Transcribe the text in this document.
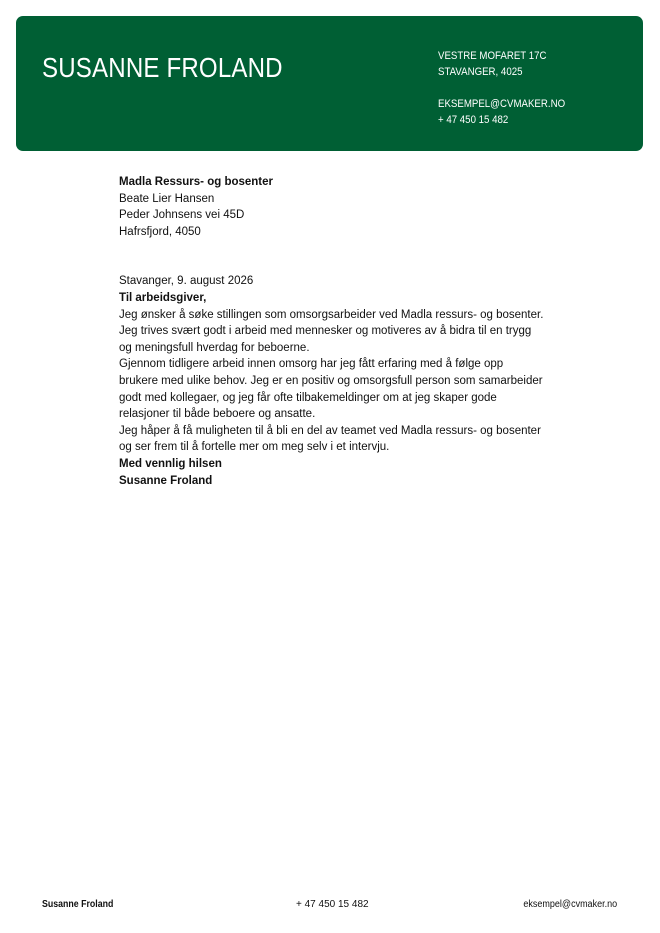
SUSANNE FROLAND	VESTRE MOFARET 17C
STAVANGER, 4025
EKSEMPEL@CVMAKER.NO
+ 47 450 15 482

Madla Ressurs- og bosenter

Beate Lier Hansen

Peder Johnsens vei 45D

Hafrsfjord, 4050

Stavanger, 9. august 2026

Til arbeidsgiver,

Jeg ønsker å søke stillingen som omsorgsarbeider ved Madla ressurs- og bosenter. Jeg trives svært godt i arbeid med mennesker og motiveres av å bidra til en trygg og meningsfull hverdag for beboerne.

Gjennom tidligere arbeid innen omsorg har jeg fått erfaring med å følge opp brukere med ulike behov. Jeg er en positiv og omsorgsfull person som samarbeider godt med kollegaer, og jeg får ofte tilbakemeldinger om at jeg skaper gode relasjoner til både beboere og ansatte.

Jeg håper å få muligheten til å bli en del av teamet ved Madla ressurs- og bosenter og ser frem til å fortelle mer om meg selv i et intervju.

Med vennlig hilsen

Susanne Froland

Susanne Froland	+ 47 450 15 482	eksempel@cvmaker.no
